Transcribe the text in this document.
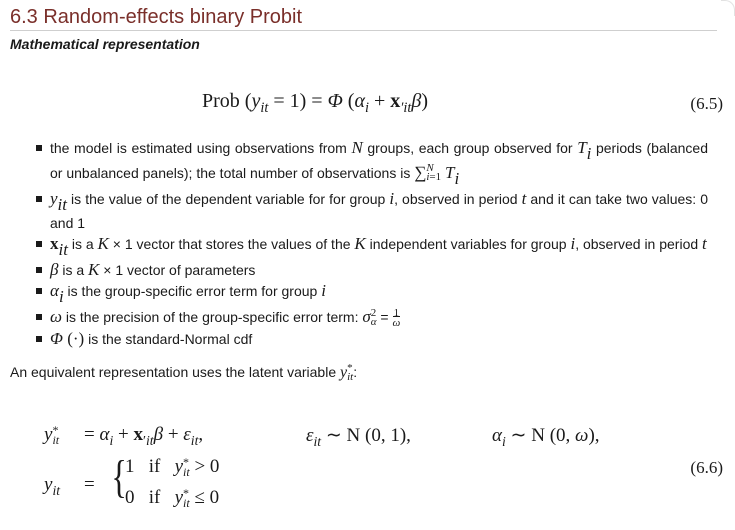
6.3 Random-effects binary Probit
Mathematical representation
Prob $(y_{it} = 1) = \Phi$ $(\alpha_i + x_{'it}\beta)$	(6.5)
the model is estimated using observations from N groups, each group observed for Ti periods (balanced or unbalanced panels); the total number of observations is ∑N
i=1 Ti
yit is the value of the dependent variable for for group i, observed in period t and it can take two values: 0 and 1
xit is a K × 1 vector that stores the values of the K independent variables for group i, observed in period t
β is a K × 1 vector of parameters
αi is the group-specific error term for group i
ω is the precision of the group-specific error term: σ2
α = 1
ω
Φ (·) is the standard-Normal cdf
An equivalent representation uses the latent variable y*
it:
y*
it = $\alpha_i + x_{'it}\beta + \varepsilon_{it}$,	$\varepsilon_{it}$ ∼ N (0, 1),	$\alpha_i$ ∼ N (0, ω),
$y_{it}$ = {
1   if   y*
it > 0
0   if   y*
it ≤ 0
(6.6)
